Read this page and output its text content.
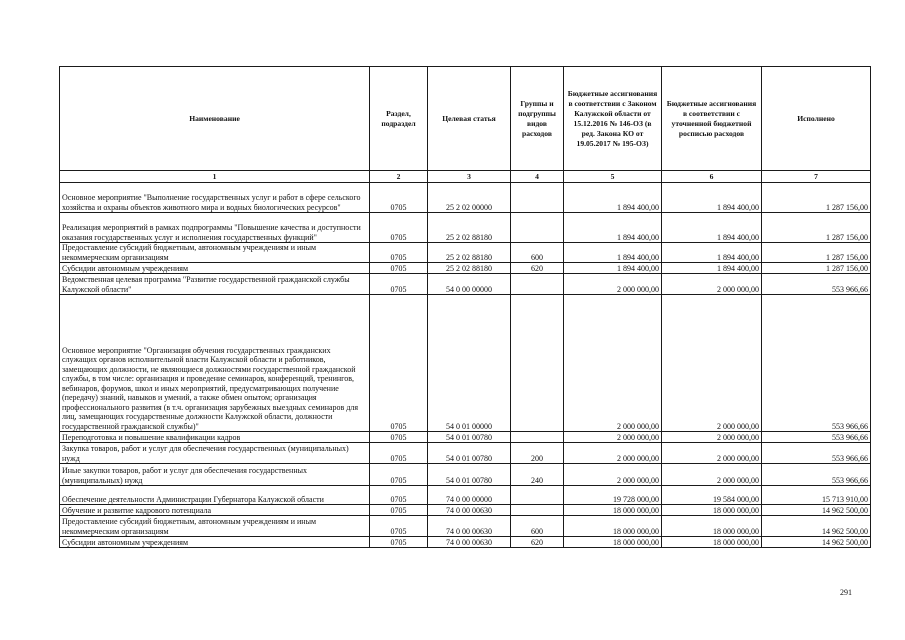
Наименование	Раздел, подраздел	Целевая статья	Группы и подгруппы видов расходов	Бюджетные ассигнования в соответствии с Законом Калужской области от 15.12.2016 № 146-ОЗ (в ред. Закона КО от 19.05.2017 № 195-ОЗ)	Бюджетные ассигнования в соответствии с уточненной бюджетной росписью расходов	Исполнено
1	2	3	4	5	6	7
Основное мероприятие "Выполнение государственных услуг и работ в сфере сельского хозяйства и охраны объектов животного мира и водных биологических ресурсов"	0705	25 2 02 00000		1 894 400,00	1 894 400,00	1 287 156,00
Реализация мероприятий в рамках подпрограммы "Повышение качества и доступности оказания государственных услуг и исполнения государственных функций"	0705	25 2 02 88180		1 894 400,00	1 894 400,00	1 287 156,00
Предоставление субсидий бюджетным, автономным учреждениям и иным некоммерческим организациям	0705	25 2 02 88180	600	1 894 400,00	1 894 400,00	1 287 156,00
Субсидии автономным учреждениям	0705	25 2 02 88180	620	1 894 400,00	1 894 400,00	1 287 156,00
Ведомственная целевая программа "Развитие государственной гражданской службы Калужской области"	0705	54 0 00 00000		2 000 000,00	2 000 000,00	553 966,66
Основное мероприятие "Организация обучения государственных гражданских служащих органов исполнительной власти Калужской области и работников, замещающих должности, не являющиеся должностями государственной гражданской службы, в том числе: организация и проведение семинаров, конференций, тренингов, вебинаров, форумов, школ и иных мероприятий, предусматривающих получение (передачу) знаний, навыков и умений, а также обмен опытом; организация профессионального развития (в т.ч. организация зарубежных выездных семинаров для лиц, замещающих государственные должности Калужской области, должности государственной гражданской службы)"	0705	54 0 01 00000		2 000 000,00	2 000 000,00	553 966,66
Переподготовка и повышение квалификации кадров	0705	54 0 01 00780		2 000 000,00	2 000 000,00	553 966,66
Закупка товаров, работ и услуг для обеспечения государственных (муниципальных) нужд	0705	54 0 01 00780	200	2 000 000,00	2 000 000,00	553 966,66
Иные закупки товаров, работ и услуг для обеспечения государственных (муниципальных) нужд	0705	54 0 01 00780	240	2 000 000,00	2 000 000,00	553 966,66
Обеспечение деятельности Администрации Губернатора Калужской области	0705	74 0 00 00000		19 728 000,00	19 584 000,00	15 713 910,00
Обучение и развитие кадрового потенциала	0705	74 0 00 00630		18 000 000,00	18 000 000,00	14 962 500,00
Предоставление субсидий бюджетным, автономным учреждениям и иным некоммерческим организациям	0705	74 0 00 00630	600	18 000 000,00	18 000 000,00	14 962 500,00
Субсидии автономным учреждениям	0705	74 0 00 00630	620	18 000 000,00	18 000 000,00	14 962 500,00
291
